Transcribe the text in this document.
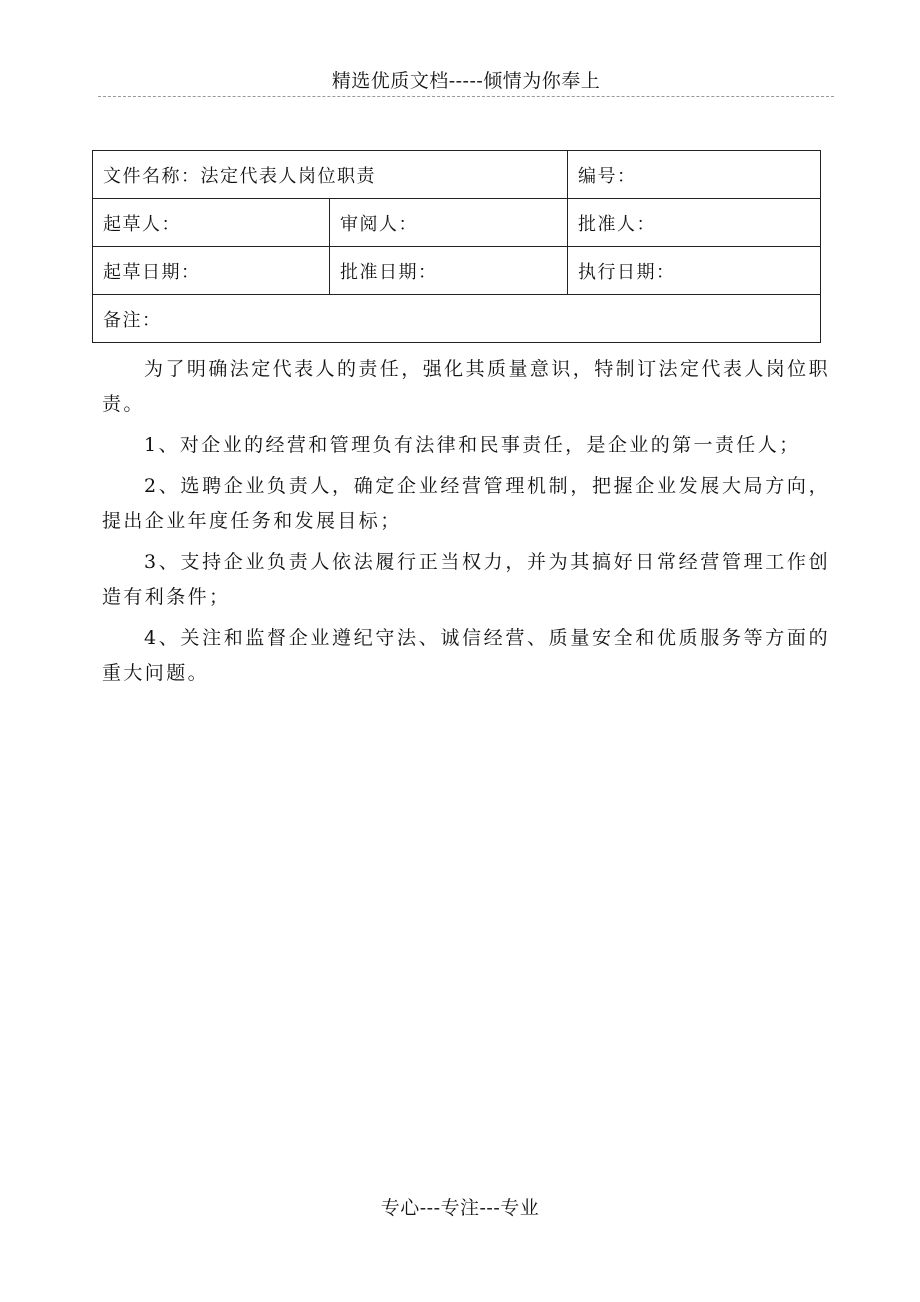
精选优质文档-----倾情为你奉上
文件名称：法定代表人岗位职责		编号：
起草人：	审阅人：	批准人：
起草日期：	批准日期：	执行日期：
备注：		

为了明确法定代表人的责任，强化其质量意识，特制订法定代表人岗位职责。

1、对企业的经营和管理负有法律和民事责任，是企业的第一责任人；

2、选聘企业负责人，确定企业经营管理机制，把握企业发展大局方向，提出企业年度任务和发展目标；

3、支持企业负责人依法履行正当权力，并为其搞好日常经营管理工作创造有利条件；

4、关注和监督企业遵纪守法、诚信经营、质量安全和优质服务等方面的重大问题。

专心---专注---专业
